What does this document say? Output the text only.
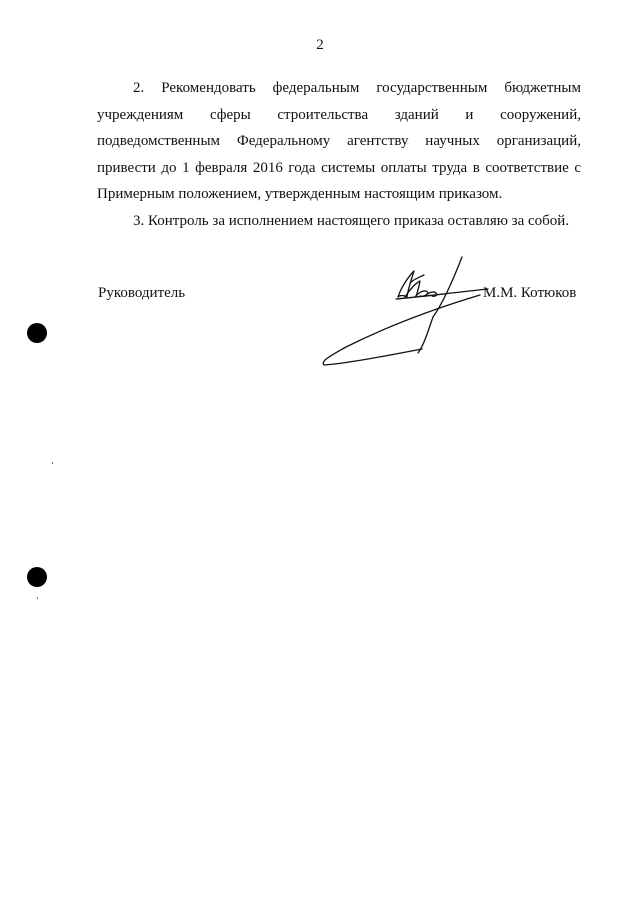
2

2. Рекомендовать федеральным государственным бюджетным учреждениям сферы строительства зданий и сооружений, подведомственным Федеральному агентству научных организаций, привести до 1 февраля 2016 года системы оплаты труда в соответствие с Примерным положением, утвержденным настоящим приказом.

3. Контроль за исполнением настоящего приказа оставляю за собой.

Руководитель	М.М. Котюков
